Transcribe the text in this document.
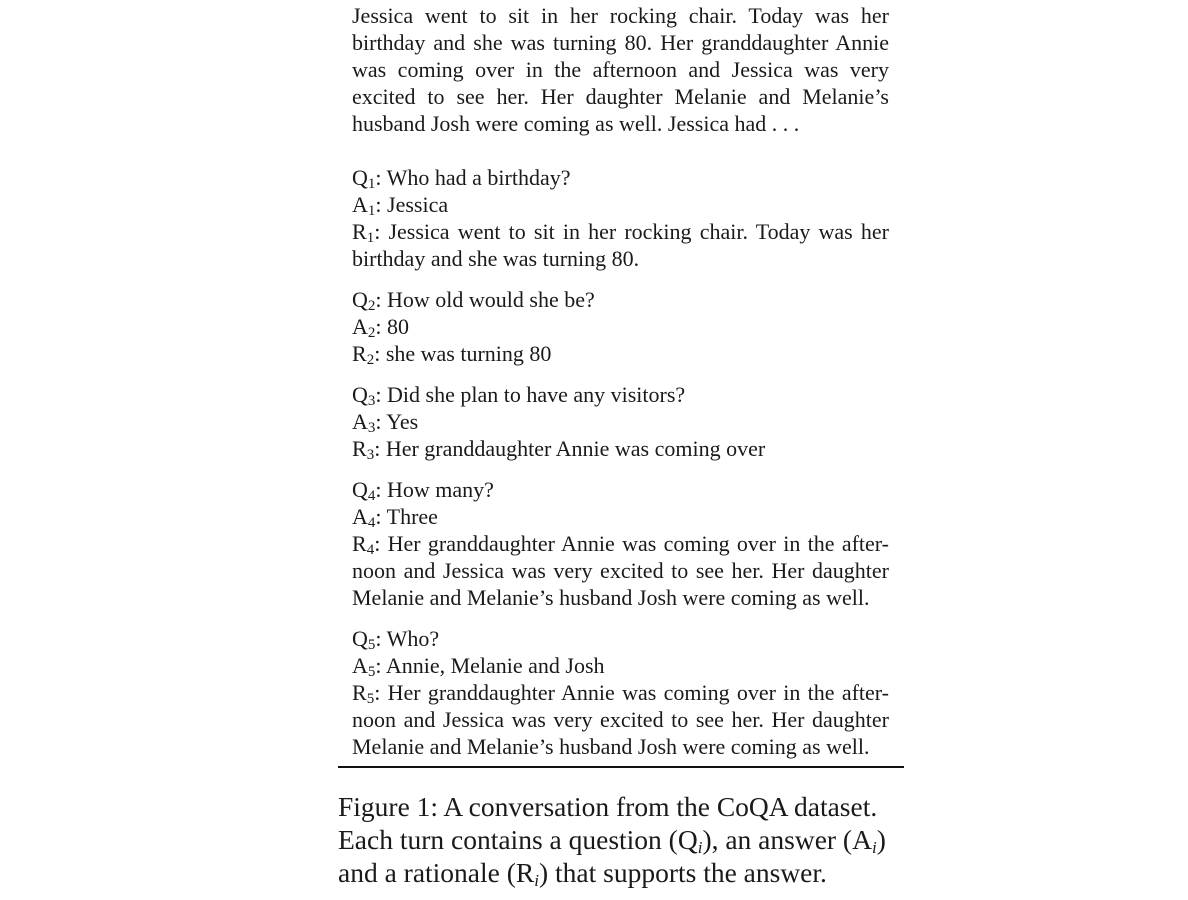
Jessica went to sit in her rocking chair. Today was her birthday and she was turning 80. Her granddaughter Annie was coming over in the afternoon and Jessica was very excited to see her. Her daughter Melanie and Melanie’s husband Josh were coming as well. Jessica had . . .

$Q_1$: Who had a birthday?
$A_1$: Jessica
$R_1$: Jessica went to sit in her rocking chair. Today was her birthday and she was turning 80.
$Q_2$: How old would she be?
$A_2$: 80
$R_2$: she was turning 80
$Q_3$: Did she plan to have any visitors?
$A_3$: Yes
$R_3$: Her granddaughter Annie was coming over
$Q_4$: How many?
$A_4$: Three
$R_4$: Her granddaughter Annie was coming over in the after-noon and Jessica was very excited to see her. Her daughter Melanie and Melanie’s husband Josh were coming as well.
$Q_5$: Who?
$A_5$: Annie, Melanie and Josh
$R_5$: Her granddaughter Annie was coming over in the after-noon and Jessica was very excited to see her. Her daughter Melanie and Melanie’s husband Josh were coming as well.
Figure 1: A conversation from the CoQA dataset.
Each turn contains a question $(Q_i)$, an answer $(A_i)$
and a rationale $(R_i)$ that supports the answer.
